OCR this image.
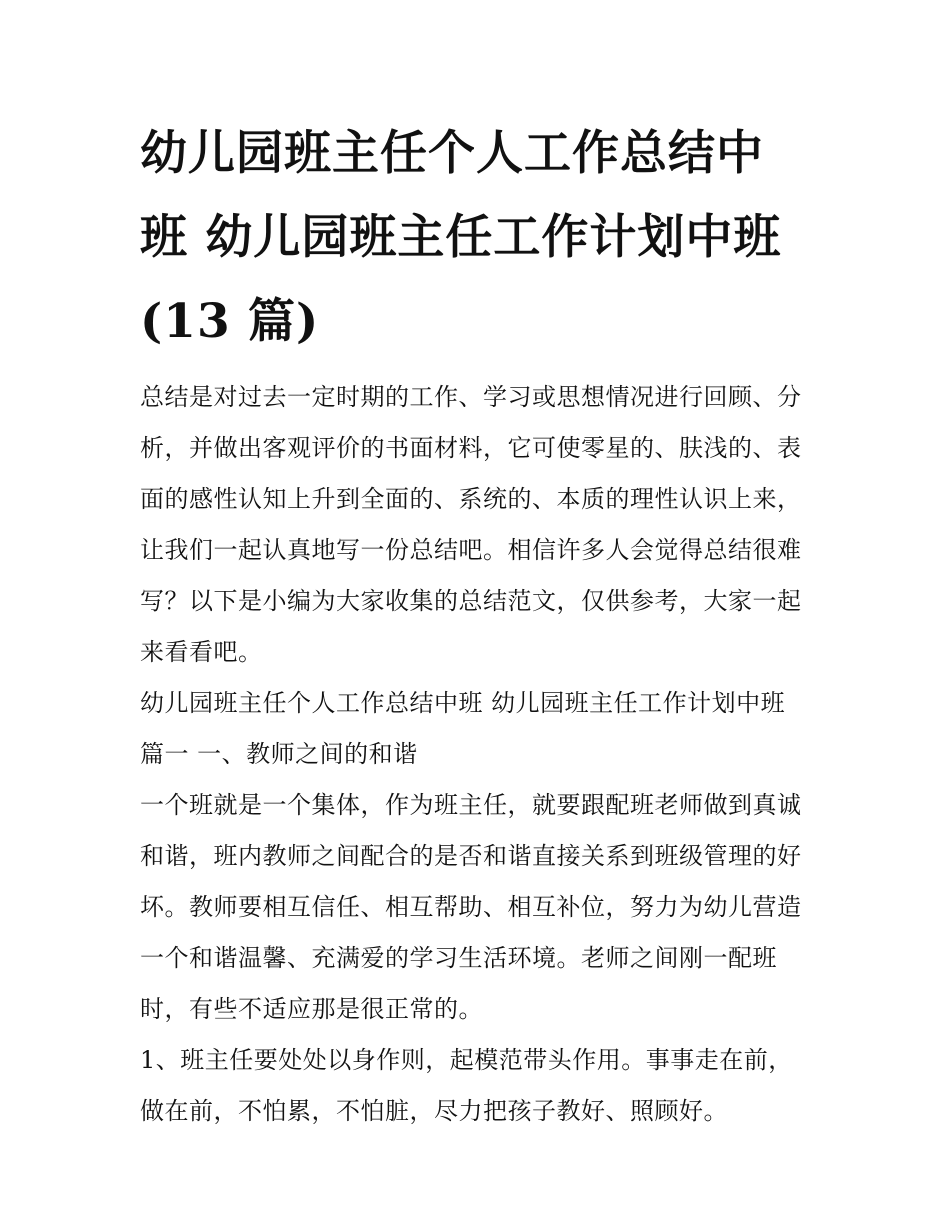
幼儿园班主任个人工作总结中
班 幼儿园班主任工作计划中班
(13 篇)

总结是对过去一定时期的工作、学习或思想情况进行回顾、分
析，并做出客观评价的书面材料，它可使零星的、肤浅的、表
面的感性认知上升到全面的、系统的、本质的理性认识上来，
让我们一起认真地写一份总结吧。相信许多人会觉得总结很难
写？以下是小编为大家收集的总结范文，仅供参考，大家一起
来看看吧。

幼儿园班主任个人工作总结中班 幼儿园班主任工作计划中班
篇一 一、教师之间的和谐

一个班就是一个集体，作为班主任，就要跟配班老师做到真诚
和谐，班内教师之间配合的是否和谐直接关系到班级管理的好
坏。教师要相互信任、相互帮助、相互补位，努力为幼儿营造
一个和谐温馨、充满爱的学习生活环境。老师之间刚一配班
时，有些不适应那是很正常的。

1、班主任要处处以身作则，起模范带头作用。事事走在前，
做在前，不怕累，不怕脏，尽力把孩子教好、照顾好。
